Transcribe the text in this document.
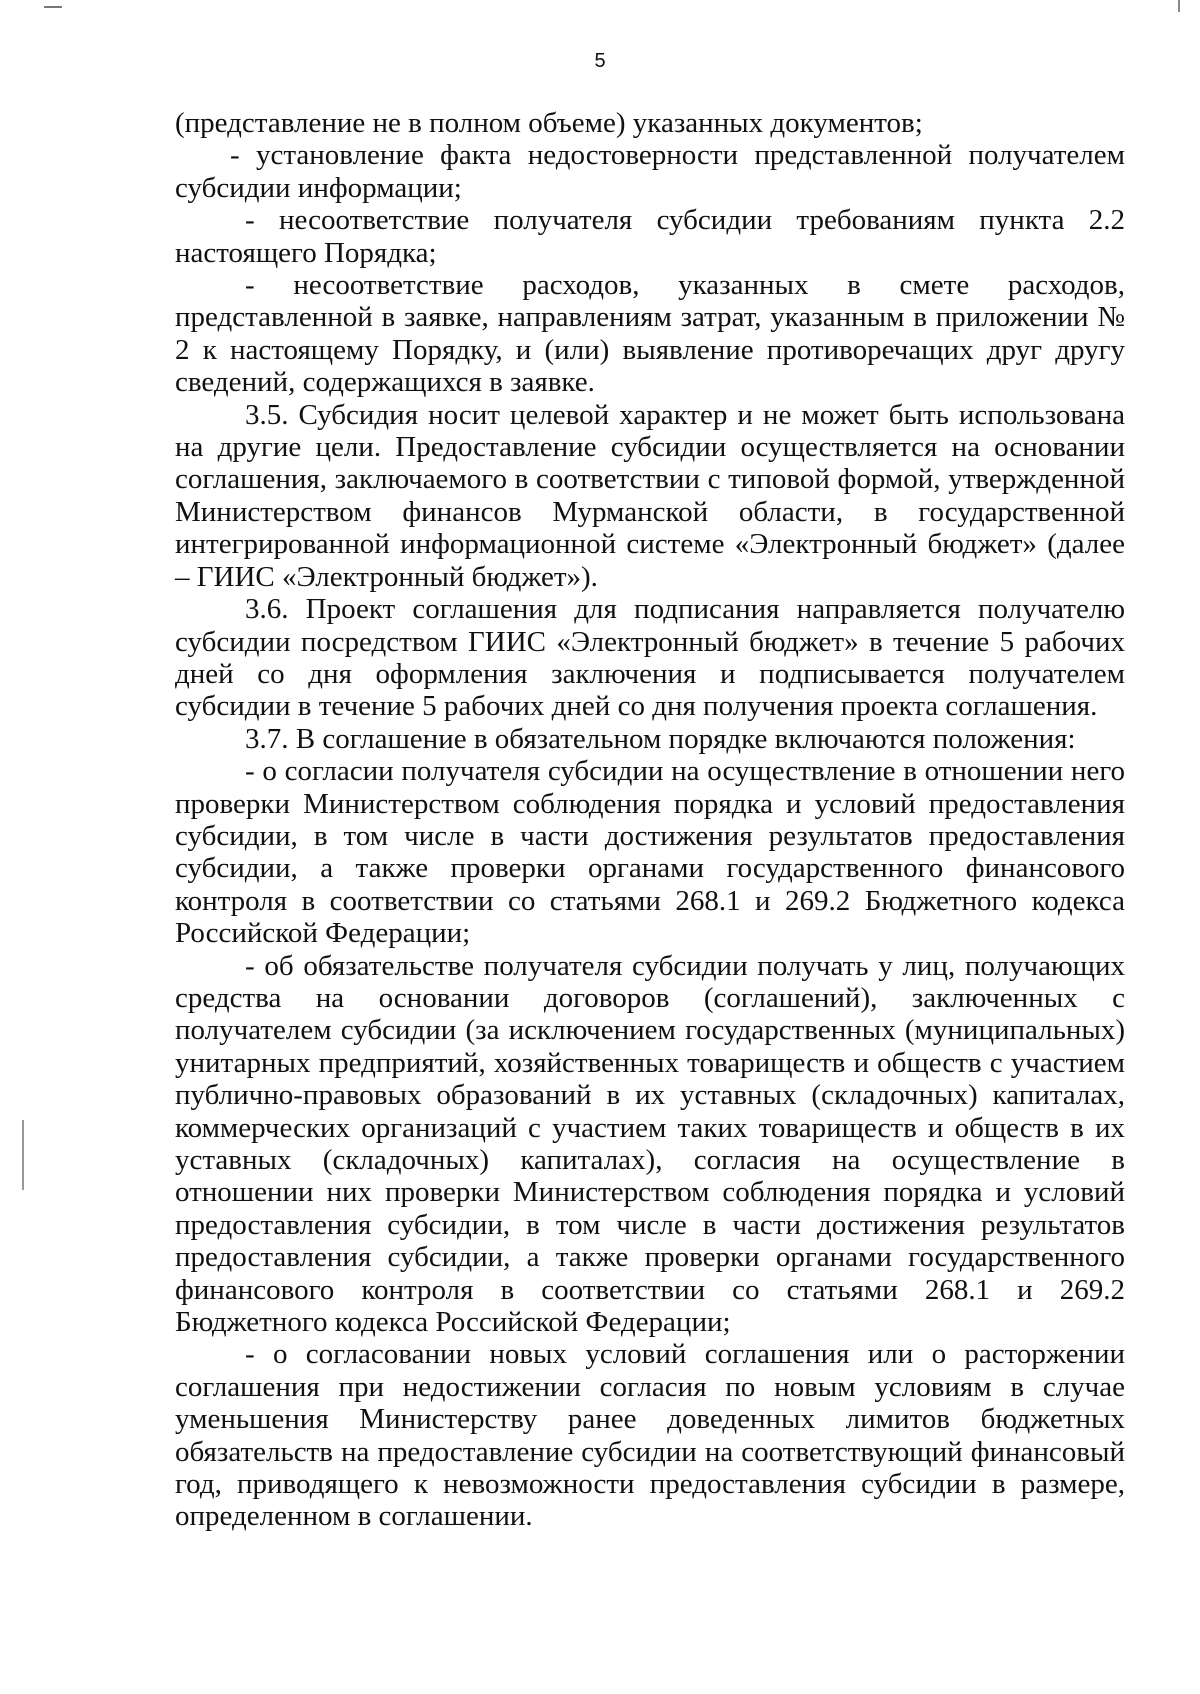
5

(представление не в полном объеме) указанных документов;

- установление факта недостоверности представленной получателем субсидии информации;

- несоответствие получателя субсидии требованиям пункта 2.2 настоящего Порядка;

- несоответствие расходов, указанных в смете расходов, представленной в заявке, направлениям затрат, указанным в приложении № 2 к настоящему Порядку, и (или) выявление противоречащих друг другу сведений, содержащихся в заявке.

3.5. Субсидия носит целевой характер и не может быть использована на другие цели. Предоставление субсидии осуществляется на основании соглашения, заключаемого в соответствии с типовой формой, утвержденной Министерством финансов Мурманской области, в государственной интегрированной информационной системе «Электронный бюджет» (далее – ГИИС «Электронный бюджет»).

3.6. Проект соглашения для подписания направляется получателю субсидии посредством ГИИС «Электронный бюджет» в течение 5 рабочих дней со дня оформления заключения и подписывается получателем субсидии в течение 5 рабочих дней со дня получения проекта соглашения.

3.7. В соглашение в обязательном порядке включаются положения:

- о согласии получателя субсидии на осуществление в отношении него проверки Министерством соблюдения порядка и условий предоставления субсидии, в том числе в части достижения результатов предоставления субсидии, а также проверки органами государственного финансового контроля в соответствии со статьями 268.1 и 269.2 Бюджетного кодекса Российской Федерации;

- об обязательстве получателя субсидии получать у лиц, получающих средства на основании договоров (соглашений), заключенных с получателем субсидии (за исключением государственных (муниципальных) унитарных предприятий, хозяйственных товариществ и обществ с участием публично-правовых образований в их уставных (складочных) капиталах, коммерческих организаций с участием таких товариществ и обществ в их уставных (складочных) капиталах), согласия на осуществление в отношении них проверки Министерством соблюдения порядка и условий предоставления субсидии, в том числе в части достижения результатов предоставления субсидии, а также проверки органами государственного финансового контроля в соответствии со статьями 268.1 и 269.2 Бюджетного кодекса Российской Федерации;

- о согласовании новых условий соглашения или о расторжении соглашения при недостижении согласия по новым условиям в случае уменьшения Министерству ранее доведенных лимитов бюджетных обязательств на предоставление субсидии на соответствующий финансовый год, приводящего к невозможности предоставления субсидии в размере, определенном в соглашении.
